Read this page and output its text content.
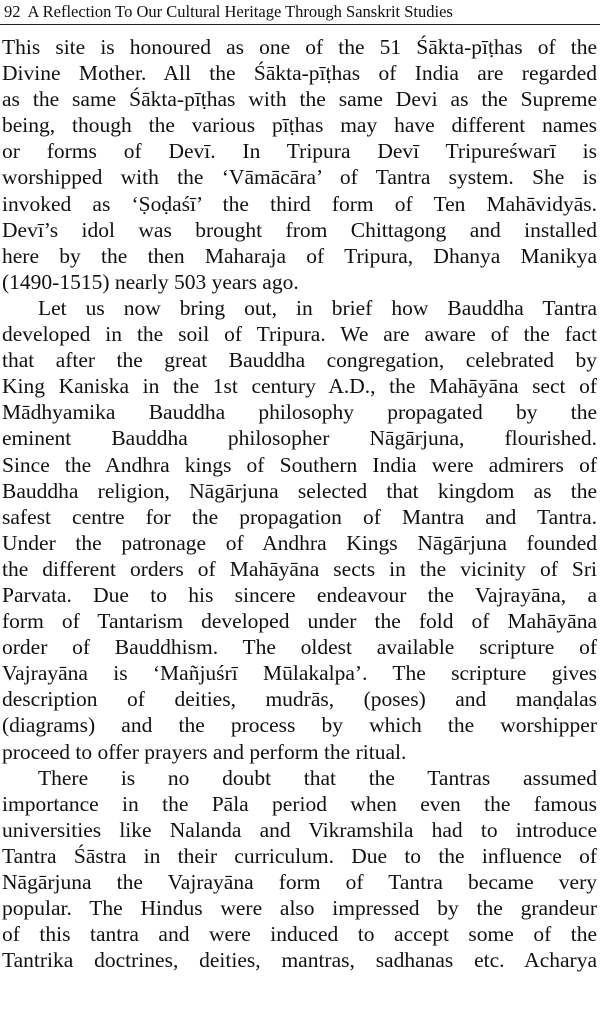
92 A Reflection To Our Cultural Heritage Through Sanskrit Studies
This site is honoured as one of the 51 Śākta-pīṭhas of the
Divine Mother. All the Śākta-pīṭhas of India are regarded
as the same Śākta-pīṭhas with the same Devi as the Supreme
being, though the various pīṭhas may have different names
or forms of Devī. In Tripura Devī Tripureśwarī is
worshipped with the ‘Vāmācāra’ of Tantra system. She is
invoked as ‘Ṣoḍaśī’ the third form of Ten Mahāvidyās.
Devī’s idol was brought from Chittagong and installed
here by the then Maharaja of Tripura, Dhanya Manikya
(1490-1515) nearly 503 years ago.
Let us now bring out, in brief how Bauddha Tantra
developed in the soil of Tripura. We are aware of the fact
that after the great Bauddha congregation, celebrated by
King Kaniska in the 1st century A.D., the Mahāyāna sect of
Mādhyamika Bauddha philosophy propagated by the
eminent Bauddha philosopher Nāgārjuna, flourished.
Since the Andhra kings of Southern India were admirers of
Bauddha religion, Nāgārjuna selected that kingdom as the
safest centre for the propagation of Mantra and Tantra.
Under the patronage of Andhra Kings Nāgārjuna founded
the different orders of Mahāyāna sects in the vicinity of Sri
Parvata. Due to his sincere endeavour the Vajrayāna, a
form of Tantarism developed under the fold of Mahāyāna
order of Bauddhism. The oldest available scripture of
Vajrayāna is ‘Mañjuśrī Mūlakalpa’. The scripture gives
description of deities, mudrās, (poses) and manḍalas
(diagrams) and the process by which the worshipper
proceed to offer prayers and perform the ritual.
There is no doubt that the Tantras assumed
importance in the Pāla period when even the famous
universities like Nalanda and Vikramshila had to introduce
Tantra Śāstra in their curriculum. Due to the influence of
Nāgārjuna the Vajrayāna form of Tantra became very
popular. The Hindus were also impressed by the grandeur
of this tantra and were induced to accept some of the
Tantrika doctrines, deities, mantras, sadhanas etc. Acharya
